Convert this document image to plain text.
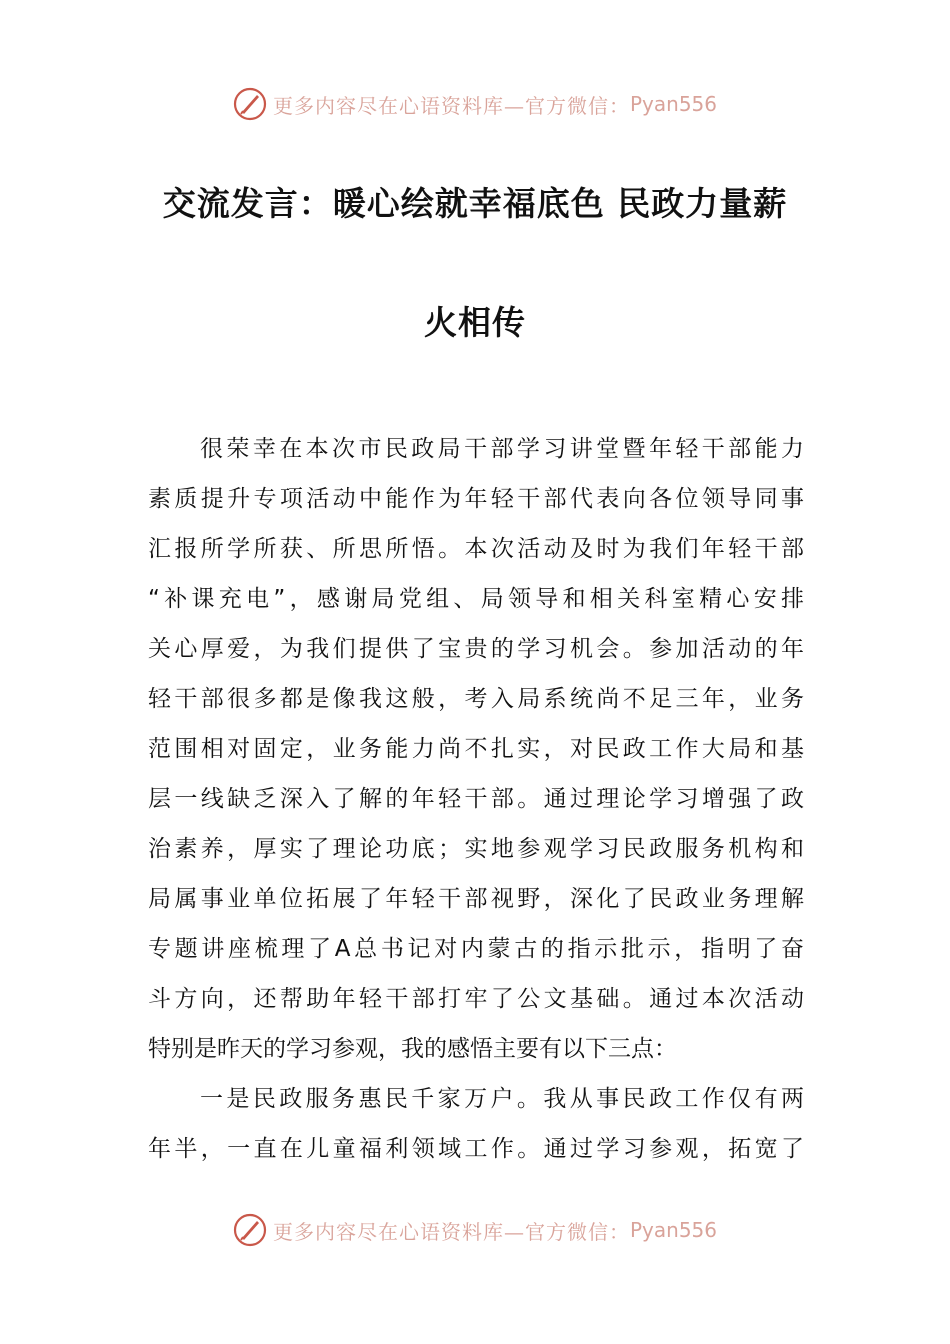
更多内容尽在心语资料库—官方微信： Pyan556
交流发言：暖心绘就幸福底色 民政力量薪
火相传
很荣幸在本次市民政局干部学习讲堂暨年轻干部能力
素质提升专项活动中能作为年轻干部代表向各位领导同事
汇报所学所获、所思所悟。本次活动及时为我们年轻干部
“补课充电”，感谢局党组、局领导和相关科室精心安排
关心厚爱，为我们提供了宝贵的学习机会。参加活动的年
轻干部很多都是像我这般，考入局系统尚不足三年，业务
范围相对固定，业务能力尚不扎实，对民政工作大局和基
层一线缺乏深入了解的年轻干部。通过理论学习增强了政
治素养，厚实了理论功底；实地参观学习民政服务机构和
局属事业单位拓展了年轻干部视野，深化了民政业务理解
专题讲座梳理了A总书记对内蒙古的指示批示，指明了奋
斗方向，还帮助年轻干部打牢了公文基础。通过本次活动
特别是昨天的学习参观，我的感悟主要有以下三点：
一是民政服务惠民千家万户。我从事民政工作仅有两
年半，一直在儿童福利领域工作。通过学习参观，拓宽了
更多内容尽在心语资料库—官方微信： Pyan556
